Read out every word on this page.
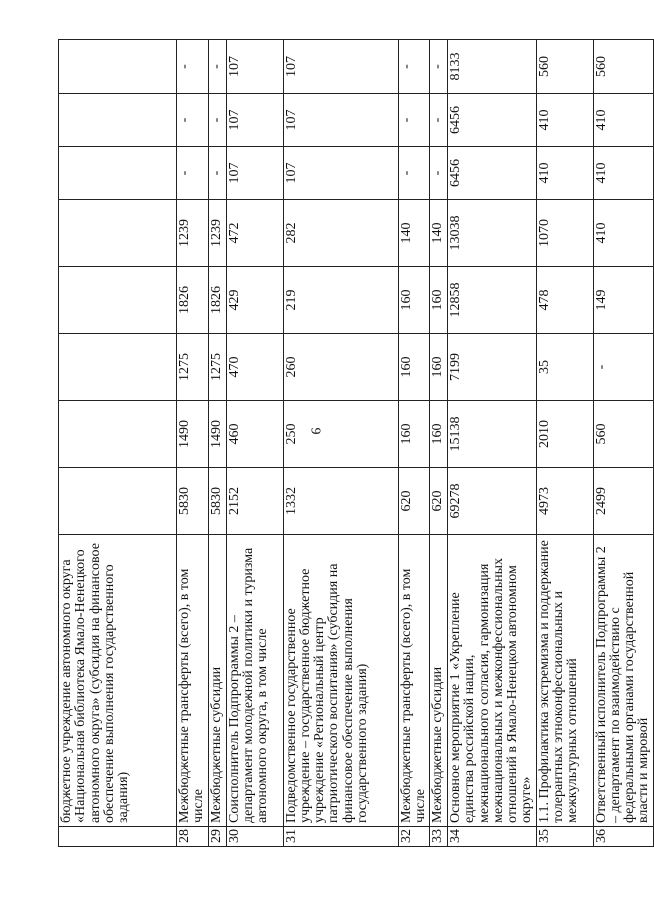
9
	бюджетное учреждение автономного округа «Национальная библиотека Ямало-Ненецкого автономного округа» (субсидия на финансовое обеспечение выполнения государственного задания)								
28	Межбюджетные трансферты (всего), в том числе	5830	1490	1275	1826	1239	-	-	-
29	Межбюджетные субсидии	5830	1490	1275	1826	1239	-	-	-
30	Соисполнитель Подпрограммы 2 – департамент молодежной политики и туризма автономного округа, в том числе	2152	460	470	429	472	107	107	107
31	Подведомственное государственное учреждение – государственное бюджетное учреждение «Региональный центр патриотического воспитания» (субсидия на финансовое обеспечение выполнения государственного задания)	1332	250	260	219	282	107	107	107
32	Межбюджетные трансферты (всего), в том числе	620	160	160	160	140	-	-	-
33	Межбюджетные субсидии	620	160	160	160	140	-	-	-
34	Основное мероприятие 1 «Укрепление единства российской нации, межнационального согласия, гармонизация межнациональных и межконфессиональных отношений в Ямало-Ненецком автономном округе»	69278	15138	7199	12858	13038	6456	6456	8133
35	1.1. Профилактика экстремизма и поддержание толерантных этноконфессиональных и межкультурных отношений	4973	2010	35	478	1070	410	410	560
36	Ответственный исполнитель Подпрограммы 2 – департамент по взаимодействию с федеральными органами государственной власти и мировой	2499	560	-	149	410	410	410	560
